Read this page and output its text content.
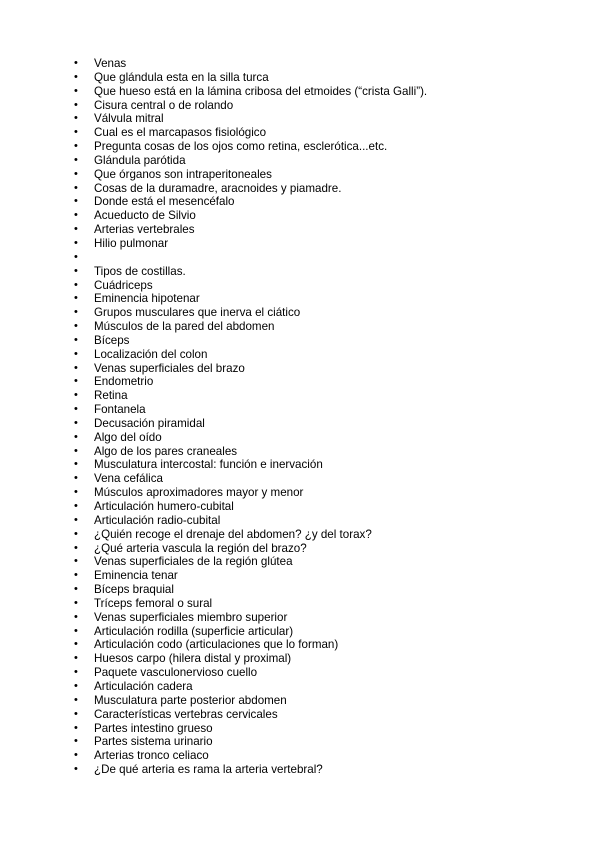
• Venas
• Que glándula esta en la silla turca
• Que hueso está en la lámina cribosa del etmoides (“crista Galli”).
• Cisura central o de rolando
• Válvula mitral
• Cual es el marcapasos fisiológico
• Pregunta cosas de los ojos como retina, esclerótica...etc.
• Glándula parótida
• Que órganos son intraperitoneales
• Cosas de la duramadre, aracnoides y piamadre.
• Donde está el mesencéfalo
• Acueducto de Silvio
• Arterias vertebrales
• Hilio pulmonar
•
• Tipos de costillas.
• Cuádriceps
• Eminencia hipotenar
• Grupos musculares que inerva el ciático
• Músculos de la pared del abdomen
• Bíceps
• Localización del colon
• Venas superficiales del brazo
• Endometrio
• Retina
• Fontanela
• Decusación piramidal
• Algo del oído
• Algo de los pares craneales
• Musculatura intercostal: función e inervación
• Vena cefálica
• Músculos aproximadores mayor y menor
• Articulación humero-cubital
• Articulación radio-cubital
• ¿Quién recoge el drenaje del abdomen? ¿y del torax?
• ¿Qué arteria vascula la región del brazo?
• Venas superficiales de la región glútea
• Eminencia tenar
• Bíceps braquial
• Tríceps femoral o sural
• Venas superficiales miembro superior
• Articulación rodilla (superficie articular)
• Articulación codo (articulaciones que lo forman)
• Huesos carpo (hilera distal y proximal)
• Paquete vasculonervioso cuello
• Articulación cadera
• Musculatura parte posterior abdomen
• Características vertebras cervicales
• Partes intestino grueso
• Partes sistema urinario
• Arterias tronco celiaco
• ¿De qué arteria es rama la arteria vertebral?
